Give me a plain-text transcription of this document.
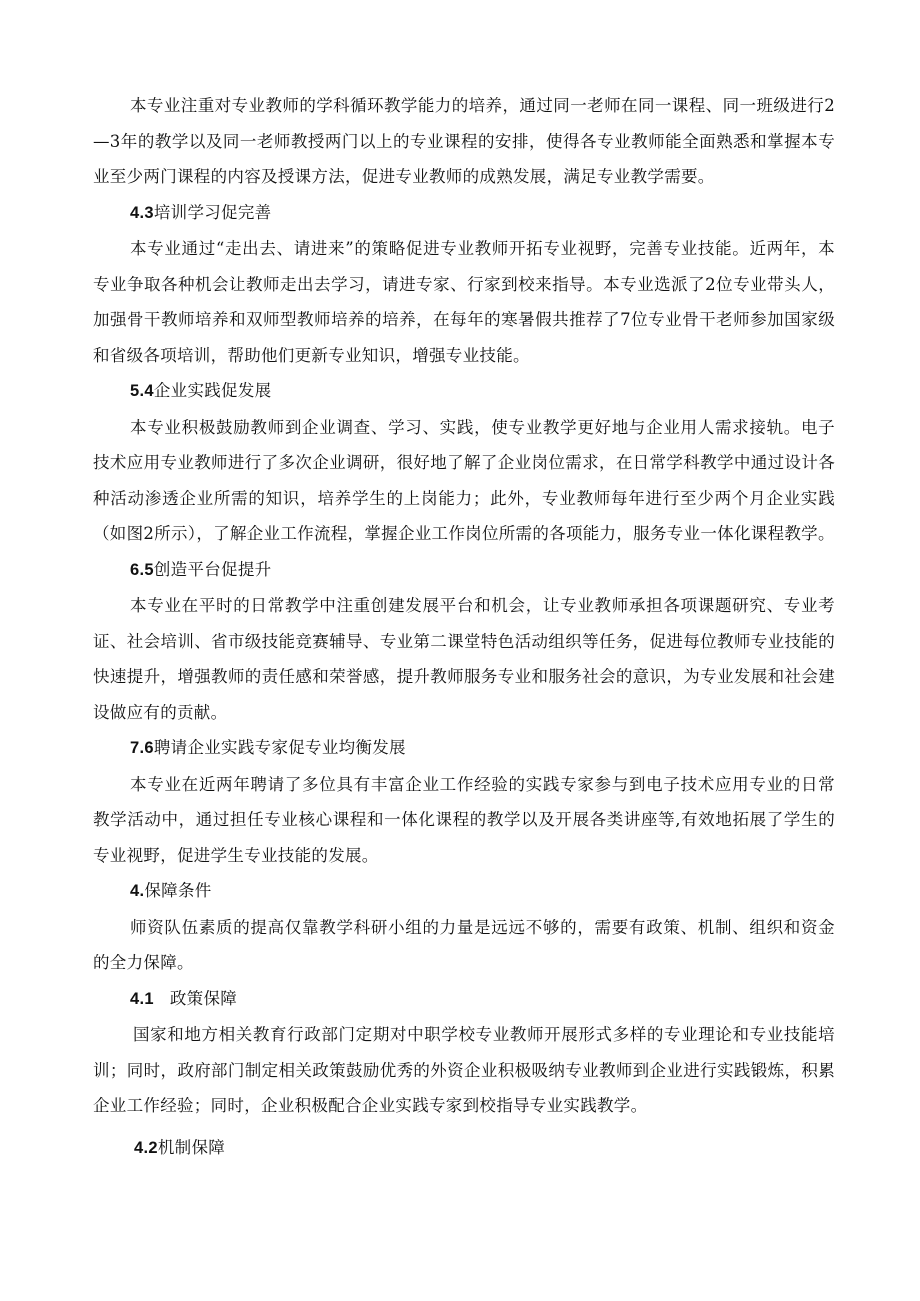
本专业注重对专业教师的学科循环教学能力的培养，通过同一老师在同一课程、同一班级进行2—3年的教学以及同一老师教授两门以上的专业课程的安排，使得各专业教师能全面熟悉和掌握本专业至少两门课程的内容及授课方法，促进专业教师的成熟发展，满足专业教学需要。

4.3培训学习促完善

本专业通过“走出去、请进来”的策略促进专业教师开拓专业视野，完善专业技能。近两年，本专业争取各种机会让教师走出去学习，请进专家、行家到校来指导。本专业选派了2位专业带头人，加强骨干教师培养和双师型教师培养的培养，在每年的寒暑假共推荐了7位专业骨干老师参加国家级和省级各项培训，帮助他们更新专业知识，增强专业技能。

5.4企业实践促发展

本专业积极鼓励教师到企业调查、学习、实践，使专业教学更好地与企业用人需求接轨。电子技术应用专业教师进行了多次企业调研，很好地了解了企业岗位需求，在日常学科教学中通过设计各种活动渗透企业所需的知识，培养学生的上岗能力；此外，专业教师每年进行至少两个月企业实践（如图2所示），了解企业工作流程，掌握企业工作岗位所需的各项能力，服务专业一体化课程教学。

6.5创造平台促提升

本专业在平时的日常教学中注重创建发展平台和机会，让专业教师承担各项课题研究、专业考证、社会培训、省市级技能竞赛辅导、专业第二课堂特色活动组织等任务，促进每位教师专业技能的快速提升，增强教师的责任感和荣誉感，提升教师服务专业和服务社会的意识，为专业发展和社会建设做应有的贡献。

7.6聘请企业实践专家促专业均衡发展

本专业在近两年聘请了多位具有丰富企业工作经验的实践专家参与到电子技术应用专业的日常教学活动中，通过担任专业核心课程和一体化课程的教学以及开展各类讲座等,有效地拓展了学生的专业视野，促进学生专业技能的发展。

4.保障条件

师资队伍素质的提高仅靠教学科研小组的力量是远远不够的，需要有政策、机制、组织和资金的全力保障。

4.1 政策保障

国家和地方相关教育行政部门定期对中职学校专业教师开展形式多样的专业理论和专业技能培训；同时，政府部门制定相关政策鼓励优秀的外资企业积极吸纳专业教师到企业进行实践锻炼，积累企业工作经验；同时，企业积极配合企业实践专家到校指导专业实践教学。

4.2机制保障
